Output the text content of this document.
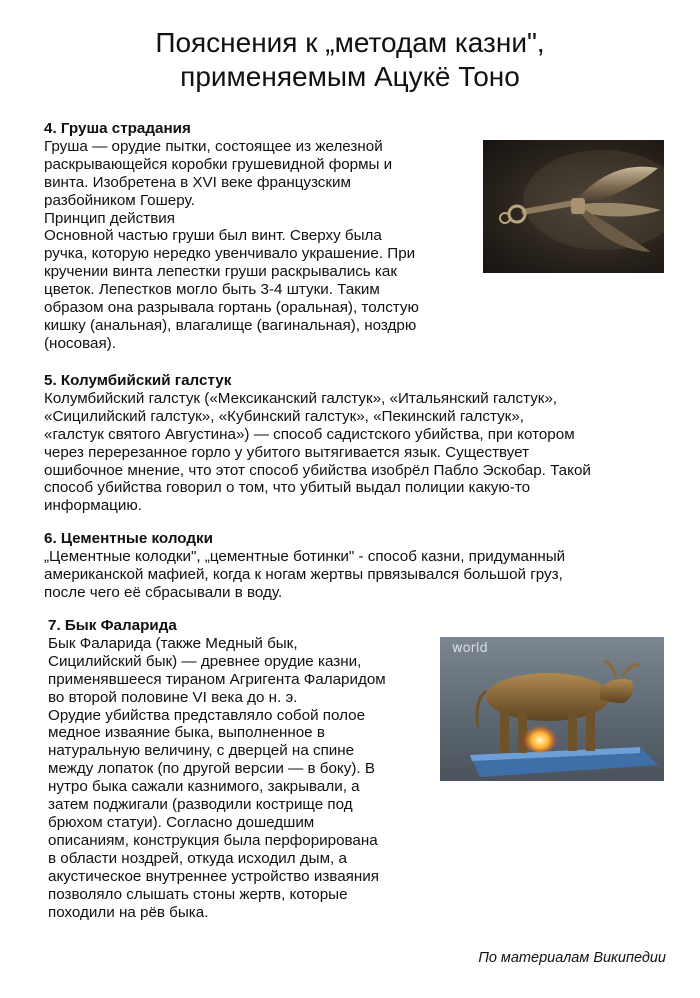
Пояснения к „методам казни",
применяемым Ацукё Тоно

4. Груша страдания

Груша — орудие пытки, состоящее из железной
раскрывающейся коробки грушевидной формы и
винта. Изобретена в XVI веке французским
разбойником Гошеру.
Принцип действия
Основной частью груши был винт. Сверху была
ручка, которую нередко увенчивало украшение. При
кручении винта лепестки груши раскрывались как
цветок. Лепестков могло быть 3-4 штуки. Таким
образом она разрывала гортань (оральная), толстую
кишку (анальная), влагалище (вагинальная), ноздрю
(носовая).

5. Колумбийский галстук

Колумбийский галстук («Мексиканский галстук», «Итальянский галстук»,
«Сицилийский галстук», «Кубинский галстук», «Пекинский галстук»,
«галстук святого Августина») — способ садистского убийства, при котором
через перерезанное горло у убитого вытягивается язык. Существует
ошибочное мнение, что этот способ убийства изобрёл Пабло Эскобар. Такой
способ убийства говорил о том, что убитый выдал полиции какую-то
информацию.

6. Цементные колодки

„Цементные колодки", „цементные ботинки" - способ казни, придуманный
американской мафией, когда к ногам жертвы првязывался большой груз,
после чего её сбрасывали в воду.

7. Бык Фаларида

Бык Фаларида (также Медный бык,
Сицилийский бык) — древнее орудие казни,
применявшееся тираном Агригента Фаларидом
во второй половине VI века до н. э.
Орудие убийства представляло собой полое
медное изваяние быка, выполненное в
натуральную величину, с дверцей на спине
между лопаток (по другой версии — в боку). В
нутро быка сажали казнимого, закрывали, а
затем поджигали (разводили кострище под
брюхом статуи). Согласно дошедшим
описаниям, конструкция была перфорирована
в области ноздрей, откуда исходил дым, а
акустическое внутреннее устройство изваяния
позволяло слышать стоны жертв, которые
походили на рёв быка.
world
По материалам Википедии
